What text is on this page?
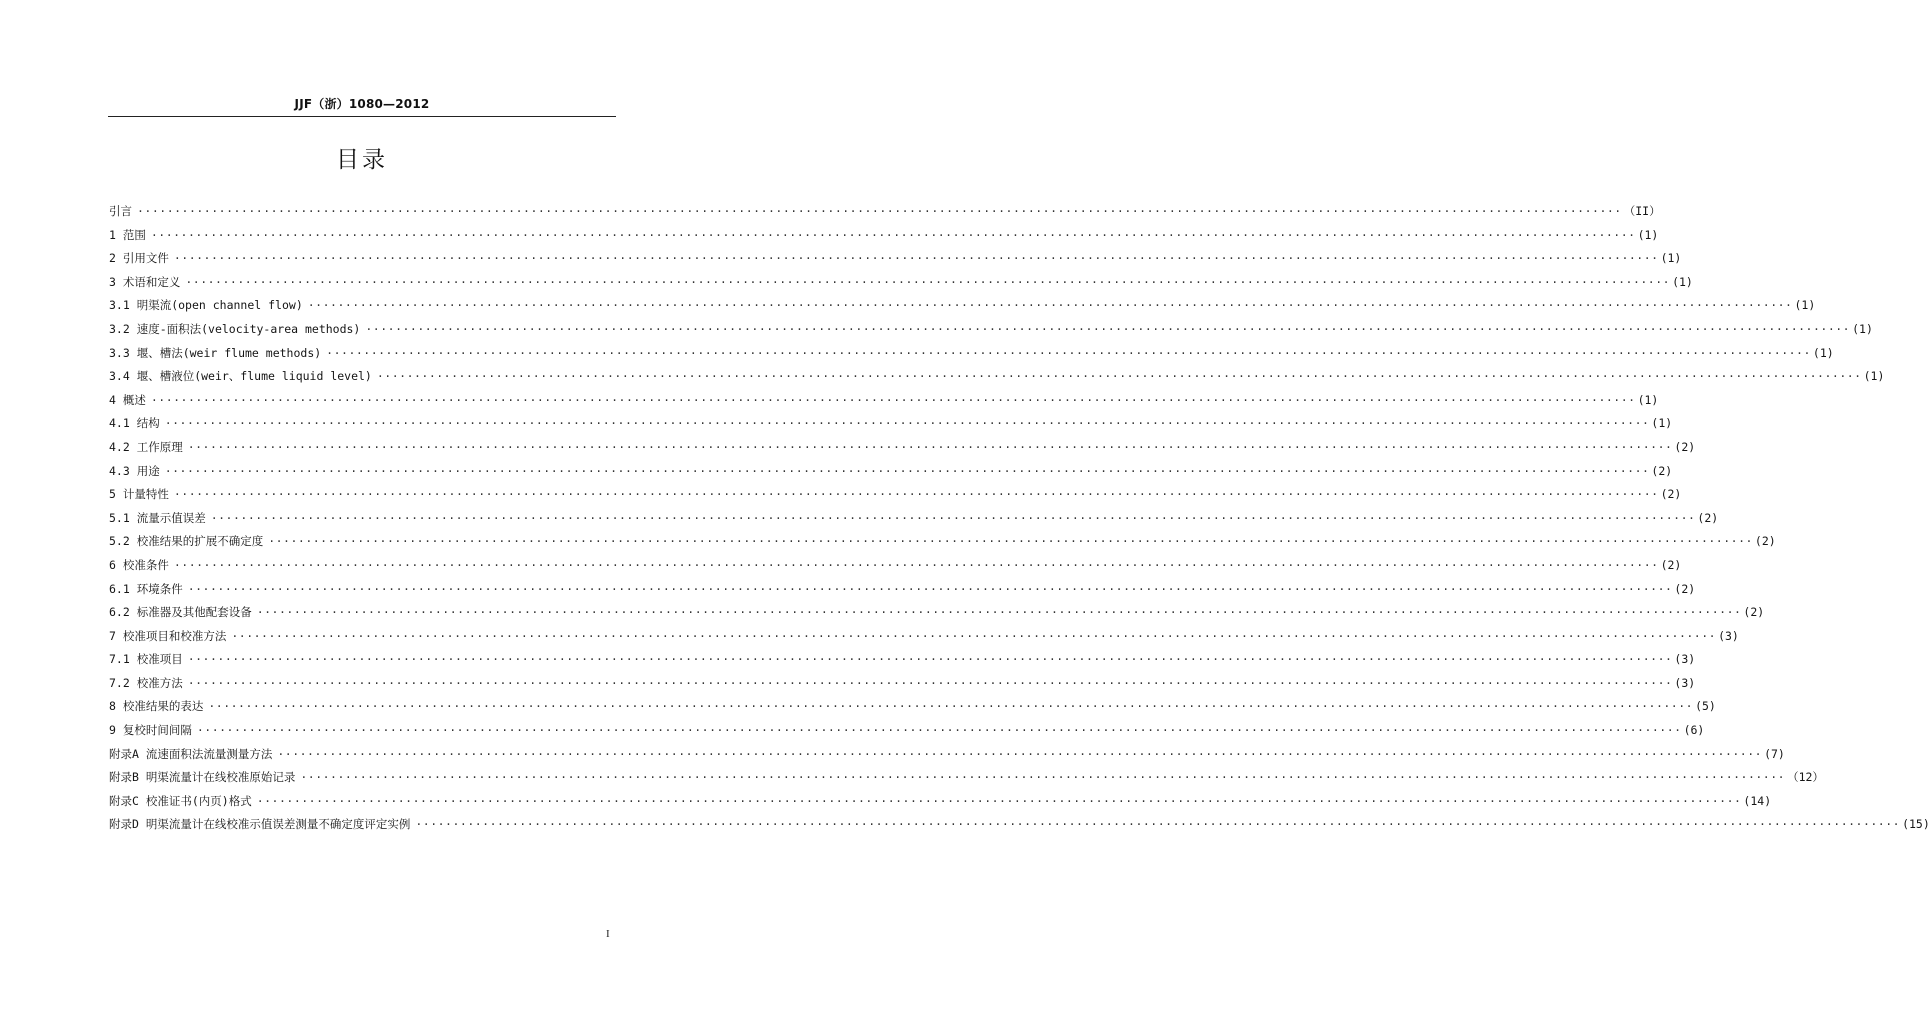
JJF（浙）1080—2012
目录
引言 ········································································································································································································ （II）
1 范围 ········································································································································································································ (1)
2 引用文件 ········································································································································································································ (1)
3 术语和定义 ········································································································································································································ (1)
3.1 明渠流(open channel flow) ········································································································································································································ (1)
3.2 速度-面积法(velocity-area methods) ········································································································································································································ (1)
3.3 堰、槽法(weir flume methods) ········································································································································································································ (1)
3.4 堰、槽液位(weir、flume liquid level) ········································································································································································································ (1)
4 概述 ········································································································································································································ (1)
4.1 结构 ········································································································································································································ (1)
4.2 工作原理 ········································································································································································································ (2)
4.3 用途 ········································································································································································································ (2)
5 计量特性 ········································································································································································································ (2)
5.1 流量示值误差 ········································································································································································································ (2)
5.2 校准结果的扩展不确定度 ········································································································································································································ (2)
6 校准条件 ········································································································································································································ (2)
6.1 环境条件 ········································································································································································································ (2)
6.2 标准器及其他配套设备 ········································································································································································································ (2)
7 校准项目和校准方法 ········································································································································································································ (3)
7.1 校准项目 ········································································································································································································ (3)
7.2 校准方法 ········································································································································································································ (3)
8 校准结果的表达 ········································································································································································································ (5)
9 复校时间间隔 ········································································································································································································ (6)
附录A 流速面积法流量测量方法 ········································································································································································································ (7)
附录B 明渠流量计在线校准原始记录 ········································································································································································································ （12）
附录C 校准证书(内页)格式 ········································································································································································································ (14)
附录D 明渠流量计在线校准示值误差测量不确定度评定实例 ········································································································································································································ (15)
I
